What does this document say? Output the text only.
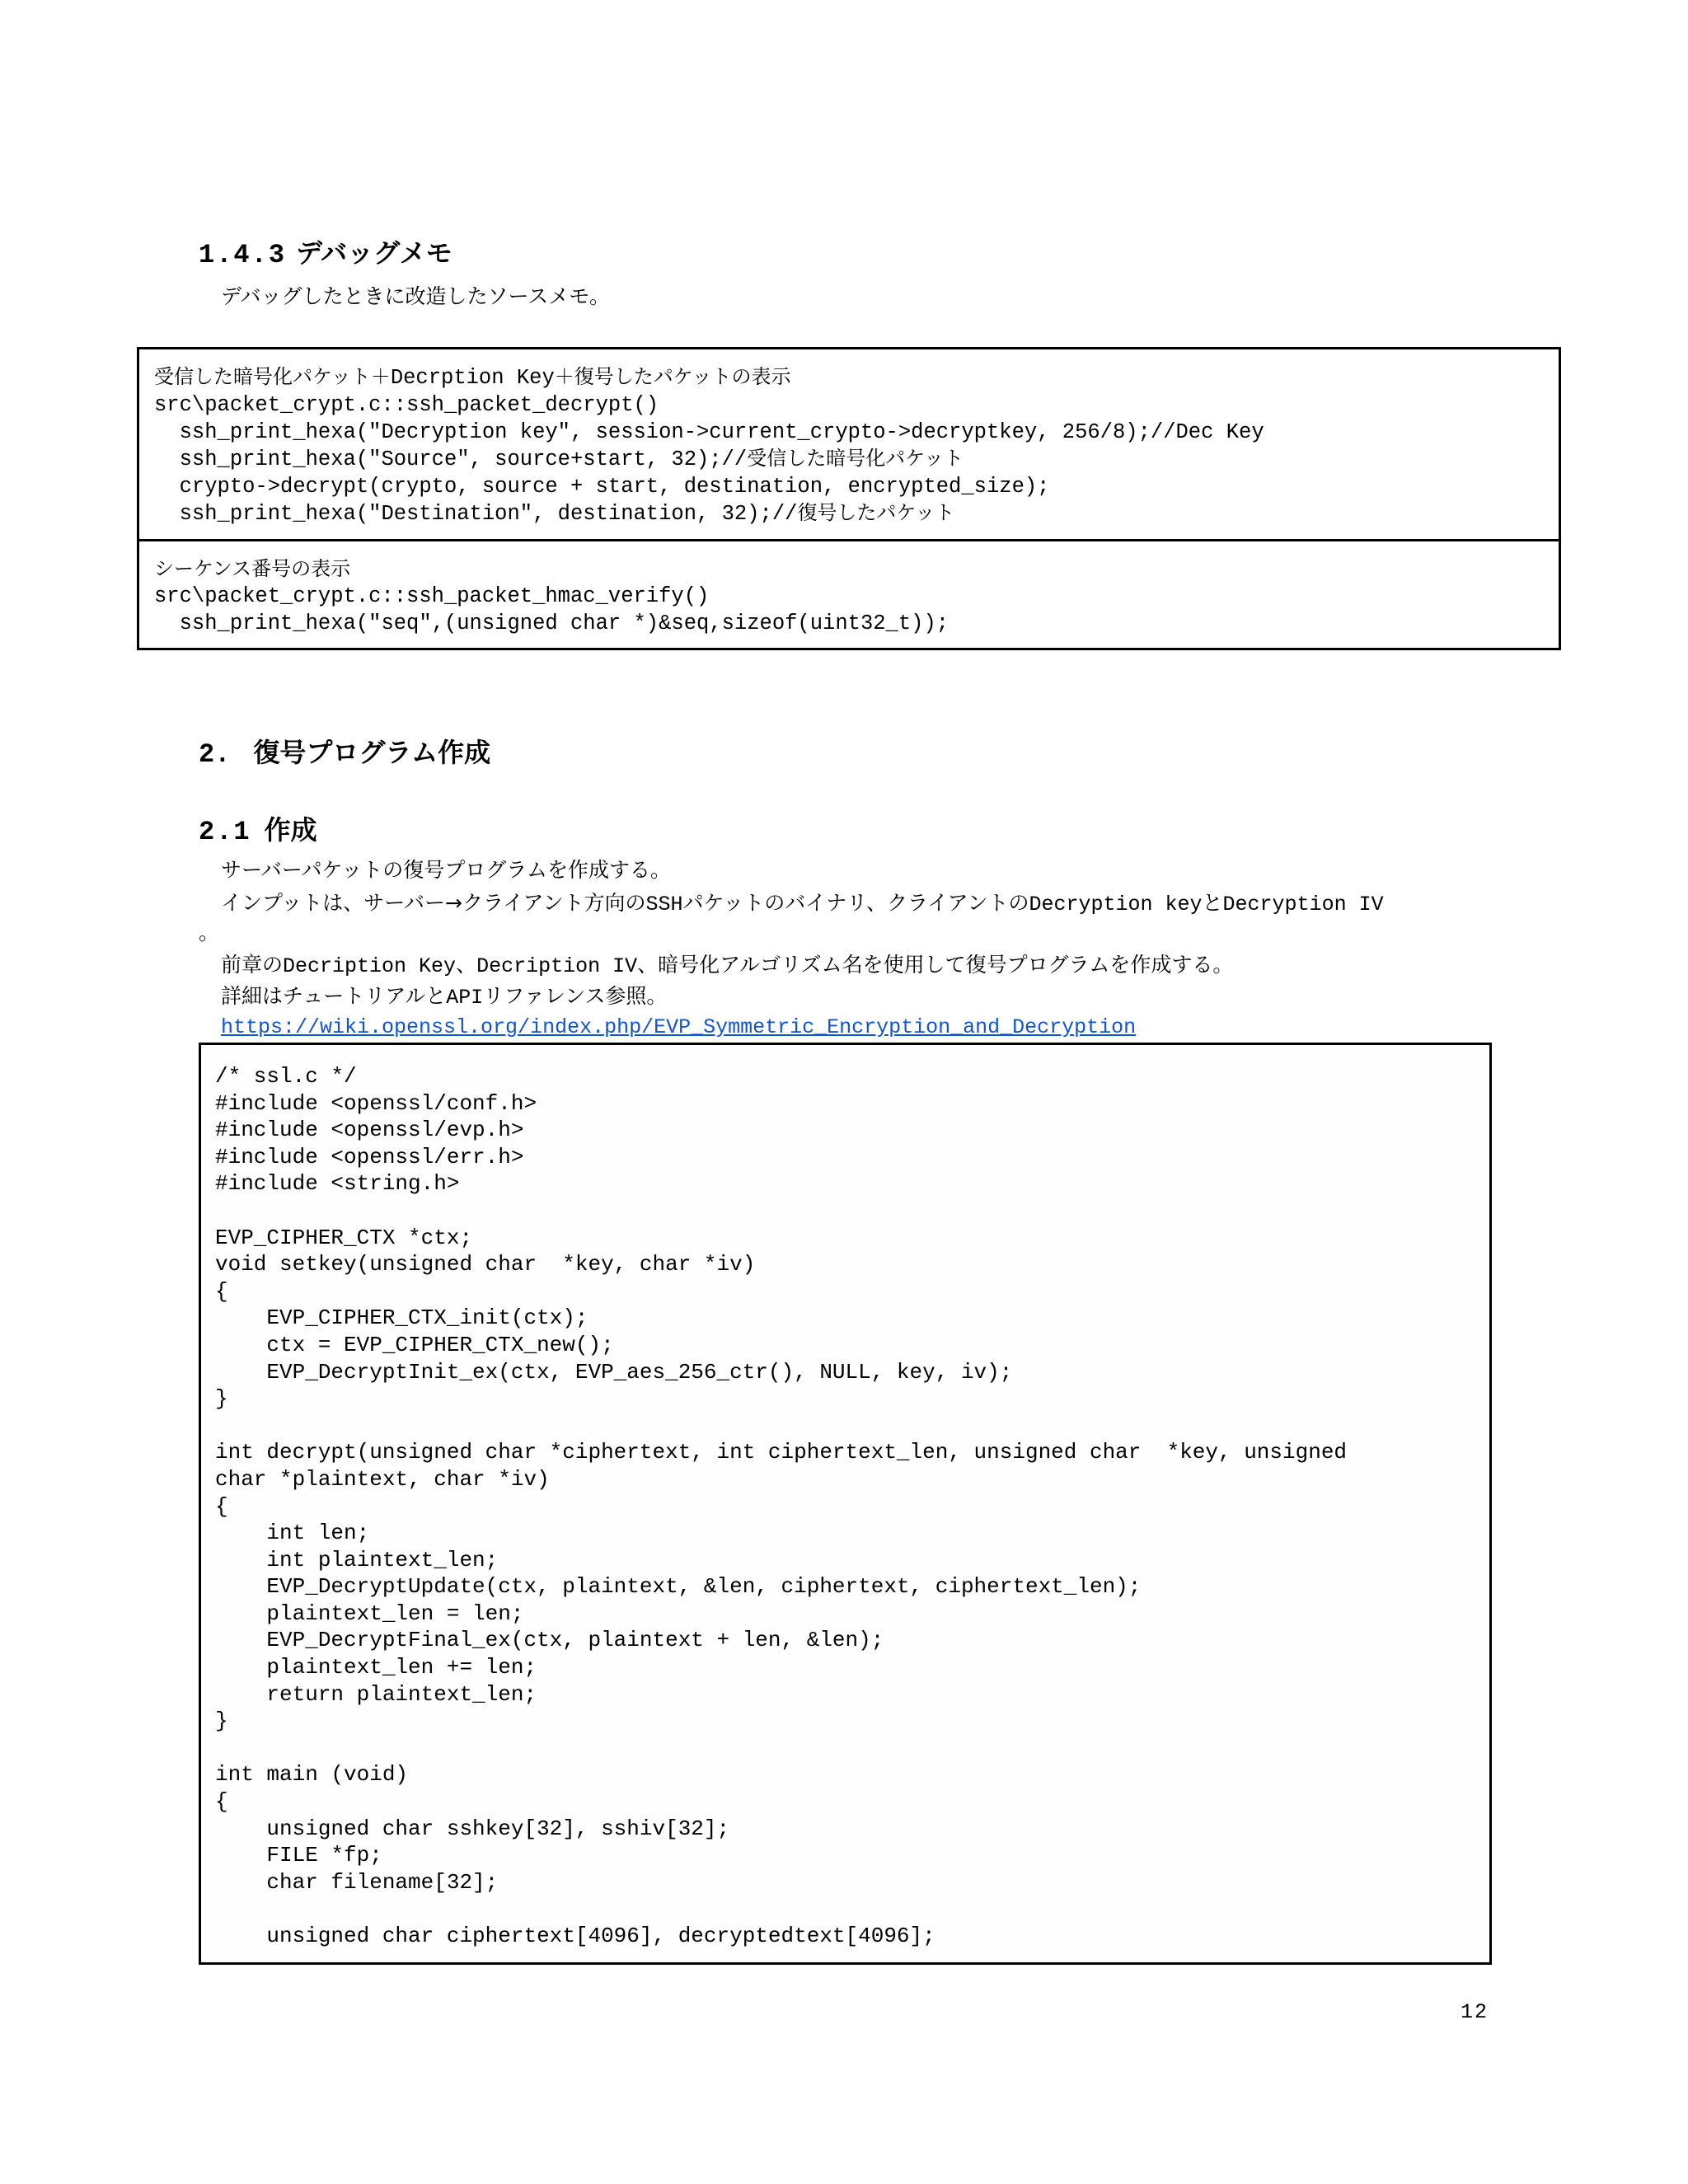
1.4.3 デバッグメモ
デバッグしたときに改造したソースメモ。
受信した暗号化パケット＋Decrption Key＋復号したパケットの表示
src\packet_crypt.c::ssh_packet_decrypt()
ssh_print_hexa("Decryption key", session->current_crypto->decryptkey, 256/8);//Dec Key
ssh_print_hexa("Source", source+start, 32);//受信した暗号化パケット
crypto->decrypt(crypto, source + start, destination, encrypted_size);
ssh_print_hexa("Destination", destination, 32);//復号したパケット
シーケンス番号の表示
src\packet_crypt.c::ssh_packet_hmac_verify()
ssh_print_hexa("seq",(unsigned char *)&seq,sizeof(uint32_t));
2. 復号プログラム作成
2.1 作成
サーバーパケットの復号プログラムを作成する。
インプットは、サーバー→クライアント方向のSSHパケットのバイナリ、クライアントのDecryption keyとDecryption IV
。
前章のDecription Key、Decription IV、暗号化アルゴリズム名を使用して復号プログラムを作成する。
詳細はチュートリアルとAPIリファレンス参照。
https://wiki.openssl.org/index.php/EVP_Symmetric_Encryption_and_Decryption
/* ssl.c */
#include <openssl/conf.h>
#include <openssl/evp.h>
#include <openssl/err.h>
#include <string.h>
EVP_CIPHER_CTX *ctx;
void setkey(unsigned char  *key, char *iv)
{
EVP_CIPHER_CTX_init(ctx);
ctx = EVP_CIPHER_CTX_new();
EVP_DecryptInit_ex(ctx, EVP_aes_256_ctr(), NULL, key, iv);
}
int decrypt(unsigned char *ciphertext, int ciphertext_len, unsigned char  *key, unsigned
char *plaintext, char *iv)
{
int len;
int plaintext_len;
EVP_DecryptUpdate(ctx, plaintext, &len, ciphertext, ciphertext_len);
plaintext_len = len;
EVP_DecryptFinal_ex(ctx, plaintext + len, &len);
plaintext_len += len;
return plaintext_len;
}
int main (void)
{
unsigned char sshkey[32], sshiv[32];
FILE *fp;
char filename[32];
unsigned char ciphertext[4096], decryptedtext[4096];
12
